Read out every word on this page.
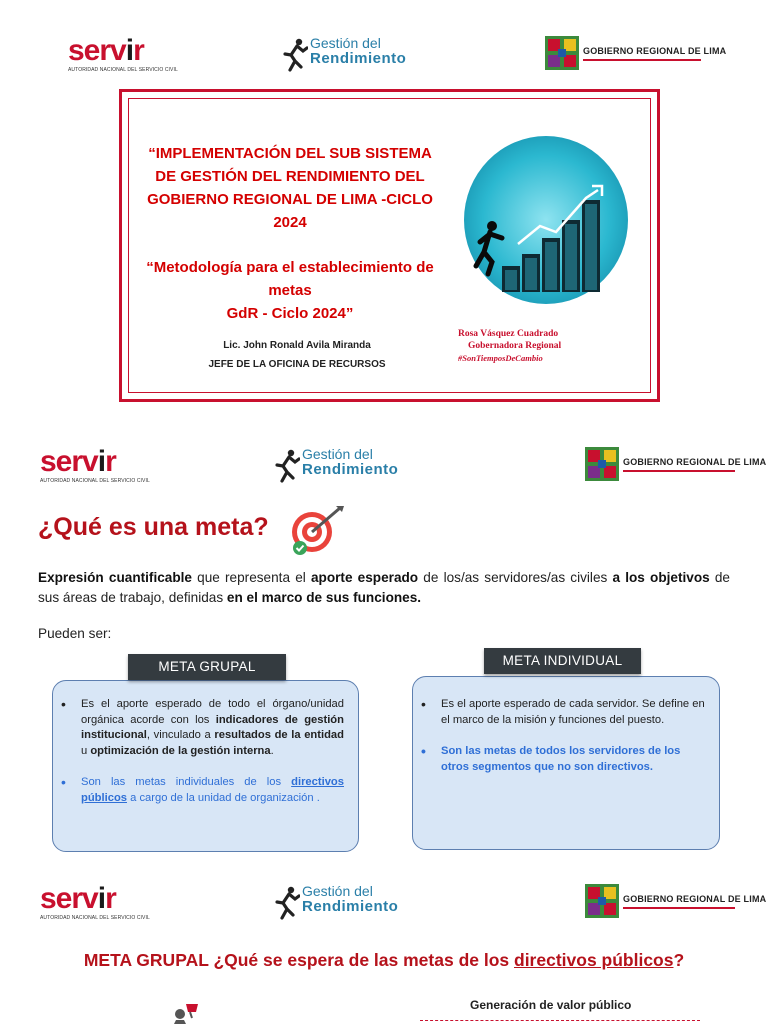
servir
AUTORIDAD NACIONAL DEL SERVICIO CIVIL
Gestión del
Rendimiento	GOBIERNO REGIONAL DE LIMA
“IMPLEMENTACIÓN DEL SUB SISTEMA DE GESTIÓN DEL RENDIMIENTO DEL GOBIERNO REGIONAL DE LIMA -CICLO 2024
“Metodología para el establecimiento de metas
GdR - Ciclo 2024”
Lic. John Ronald Avila Miranda
JEFE DE LA OFICINA DE RECURSOS
Rosa Vásquez Cuadrado
Gobernadora Regional
#SonTiemposDeCambio
servir
AUTORIDAD NACIONAL DEL SERVICIO CIVIL
Gestión del
Rendimiento	GOBIERNO REGIONAL DE LIMA
¿Qué es una meta?
Expresión cuantificable que representa el aporte esperado de los/as servidores/as civiles a los objetivos de sus áreas de trabajo, definidas en el marco de sus funciones.
Pueden ser:
• Es el aporte esperado de todo el órgano/unidad orgánica acorde con los indicadores de gestión institucional, vinculado a resultados de la entidad u optimización de la gestión interna.
• Son las metas individuales de los directivos públicos a cargo de la unidad de organización .
META GRUPAL
• Es el aporte esperado de cada servidor. Se define en el marco de la misión y funciones del puesto.
• Son las metas de todos los servidores de los otros segmentos que no son directivos.
META INDIVIDUAL
servir
AUTORIDAD NACIONAL DEL SERVICIO CIVIL
Gestión del
Rendimiento	GOBIERNO REGIONAL DE LIMA
META GRUPAL ¿Qué se espera de las metas de los directivos públicos?
Generación de valor público
